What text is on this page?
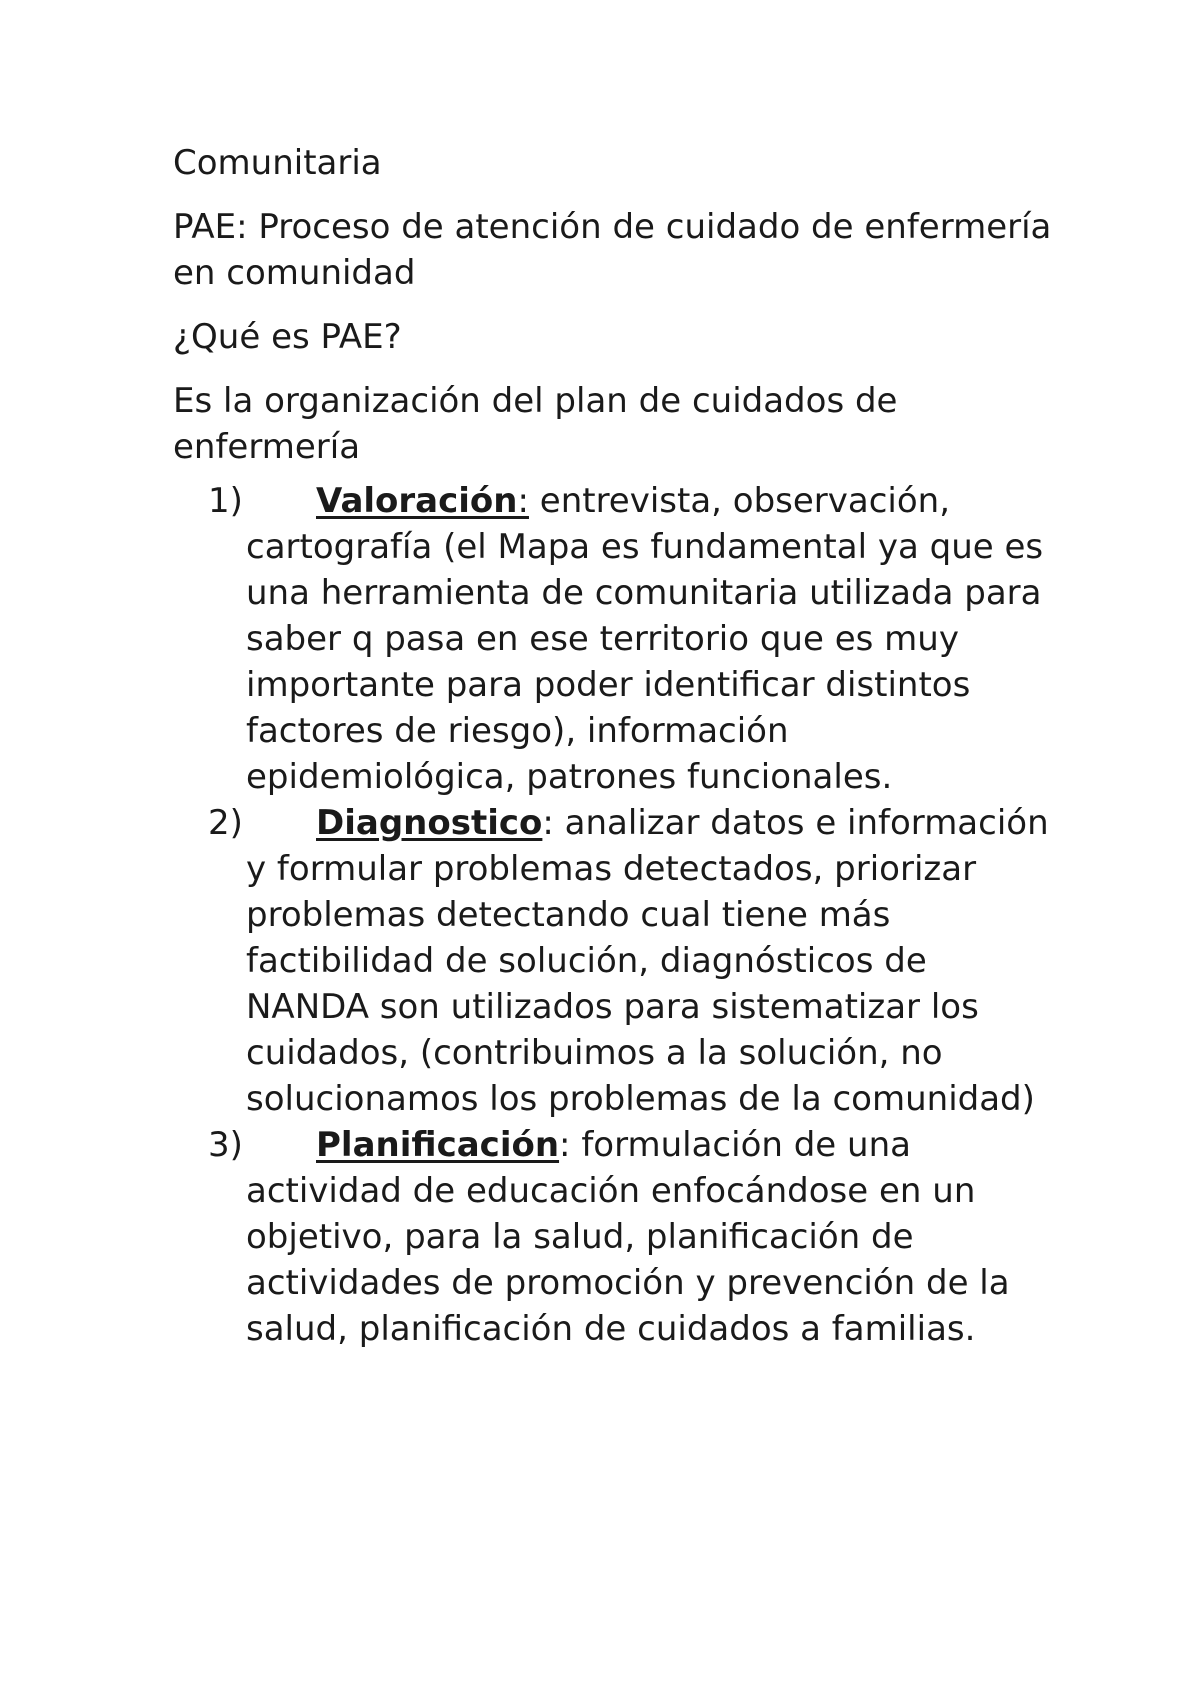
Comunitaria

PAE: Proceso de atención de cuidado de enfermería en comunidad

¿Qué es PAE?

Es la organización del plan de cuidados de enfermería

1) Valoración: entrevista, observación, cartografía (el Mapa es fundamental ya que es una herramienta de comunitaria utilizada para saber q pasa en ese territorio que es muy importante para poder identificar distintos factores de riesgo), información epidemiológica, patrones funcionales.
2) Diagnostico: analizar datos e información y formular problemas detectados, priorizar problemas detectando cual tiene más factibilidad de solución, diagnósticos de NANDA son utilizados para sistematizar los cuidados, (contribuimos a la solución, no solucionamos los problemas de la comunidad)
3) Planificación: formulación de una actividad de educación enfocándose en un objetivo, para la salud, planificación de actividades de promoción y prevención de la salud, planificación de cuidados a familias.
